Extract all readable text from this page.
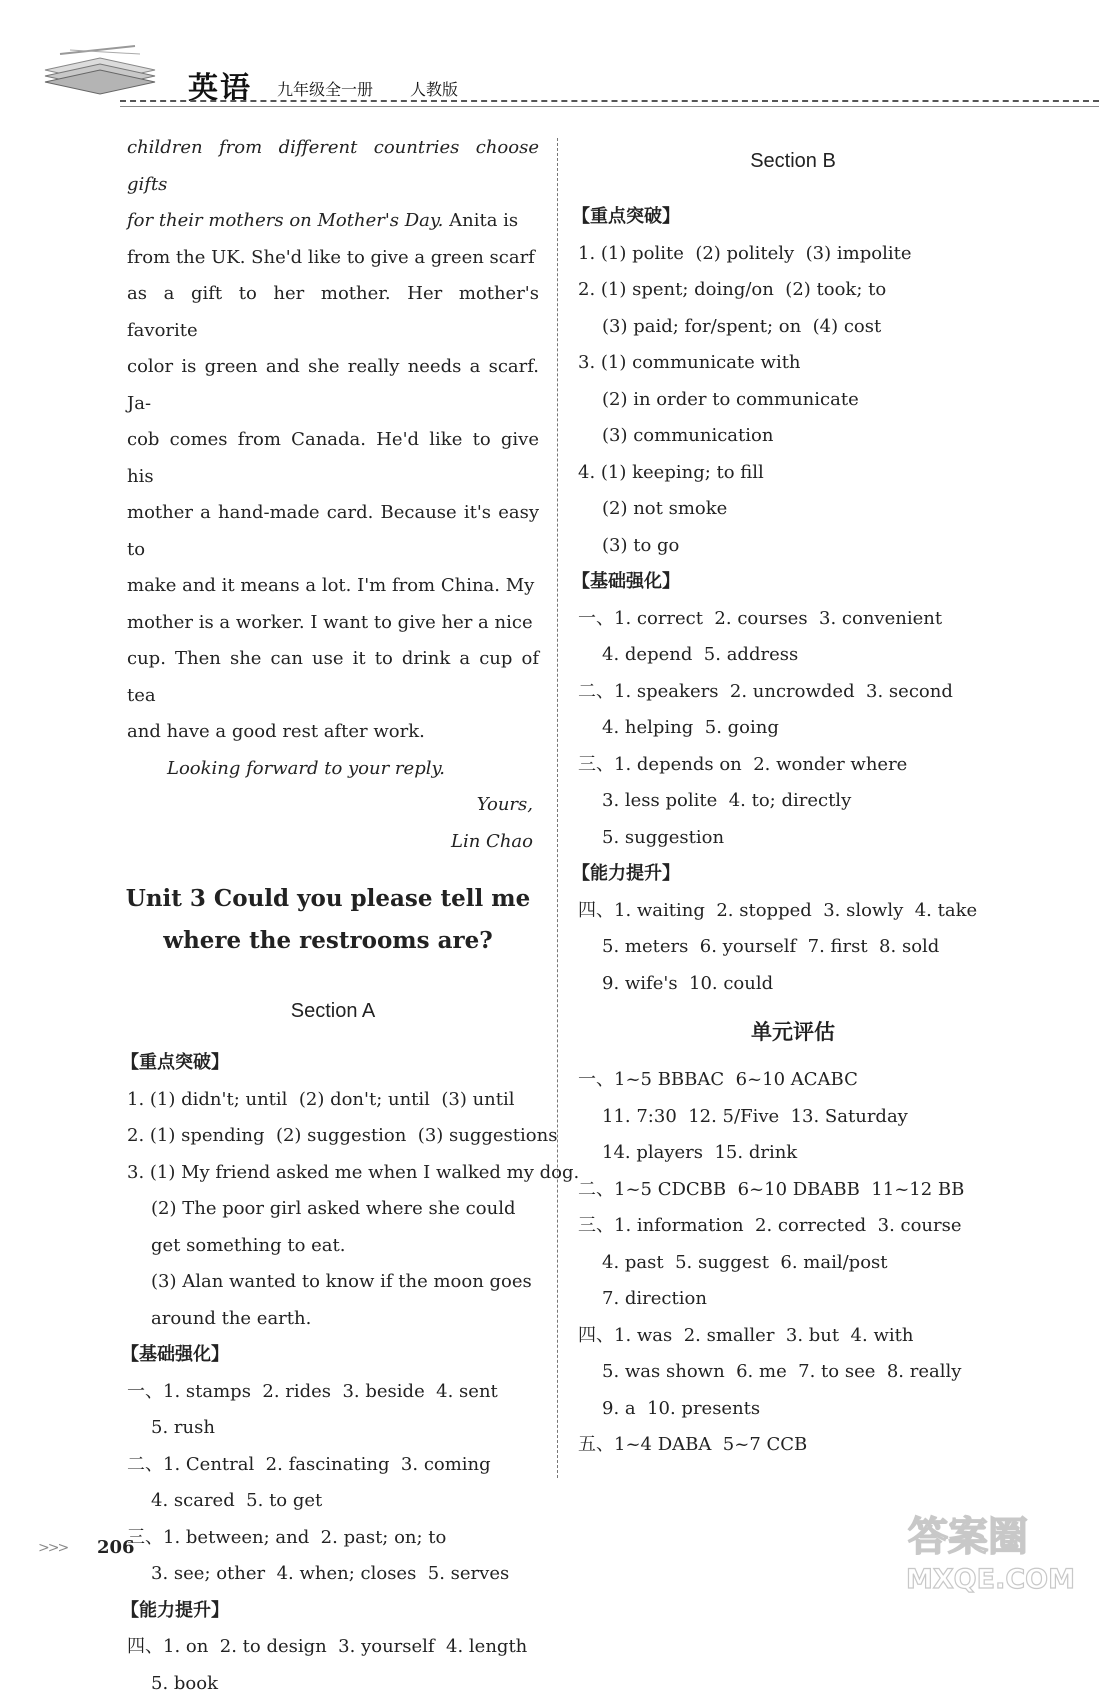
英语 九年级全一册 人教版

children from different countries choose gifts

for their mothers on Mother's Day. Anita is

from the UK. She'd like to give a green scarf

as a gift to her mother. Her mother's favorite

color is green and she really needs a scarf. Ja-

cob comes from Canada. He'd like to give his

mother a hand-made card. Because it's easy to

make and it means a lot. I'm from China. My

mother is a worker. I want to give her a nice

cup. Then she can use it to drink a cup of tea

and have a good rest after work.

Looking forward to your reply.
Yours,
Lin Chao
Unit 3 Could you please tell me
where the restrooms are?
Section A
【重点突破】
1. (1) didn't; until  (2) don't; until  (3) until
2. (1) spending  (2) suggestion  (3) suggestions
3. (1) My friend asked me when I walked my dog.
(2) The poor girl asked where she could get something to eat.
(3) Alan wanted to know if the moon goes around the earth.
【基础强化】
一、1. stamps  2. rides  3. beside  4. sent
5. rush
二、1. Central  2. fascinating  3. coming
4. scared  5. to get
三、1. between; and  2. past; on; to
3. see; other  4. when; closes  5. serves
【能力提升】
四、1. on  2. to design  3. yourself  4. length
5. book
Section B
【重点突破】
1. (1) polite  (2) politely  (3) impolite
2. (1) spent; doing/on  (2) took; to
(3) paid; for/spent; on  (4) cost
3. (1) communicate with
(2) in order to communicate
(3) communication
4. (1) keeping; to fill
(2) not smoke
(3) to go
【基础强化】
一、1. correct  2. courses  3. convenient
4. depend  5. address
二、1. speakers  2. uncrowded  3. second
4. helping  5. going
三、1. depends on  2. wonder where
3. less polite  4. to; directly
5. suggestion
【能力提升】
四、1. waiting  2. stopped  3. slowly  4. take
5. meters  6. yourself  7. first  8. sold
9. wife's  10. could
单元评估
一、1~5 BBBAC  6~10 ACABC
11. 7:30  12. 5/Five  13. Saturday
14. players  15. drink
二、1~5 CDCBB  6~10 DBABB  11~12 BB
三、1. information  2. corrected  3. course
4. past  5. suggest  6. mail/post
7. direction
四、1. was  2. smaller  3. but  4. with
5. was shown  6. me  7. to see  8. really
9. a  10. presents
五、1~4 DABA  5~7 CCB
>>> 206	答案圈
MXQE.COM
